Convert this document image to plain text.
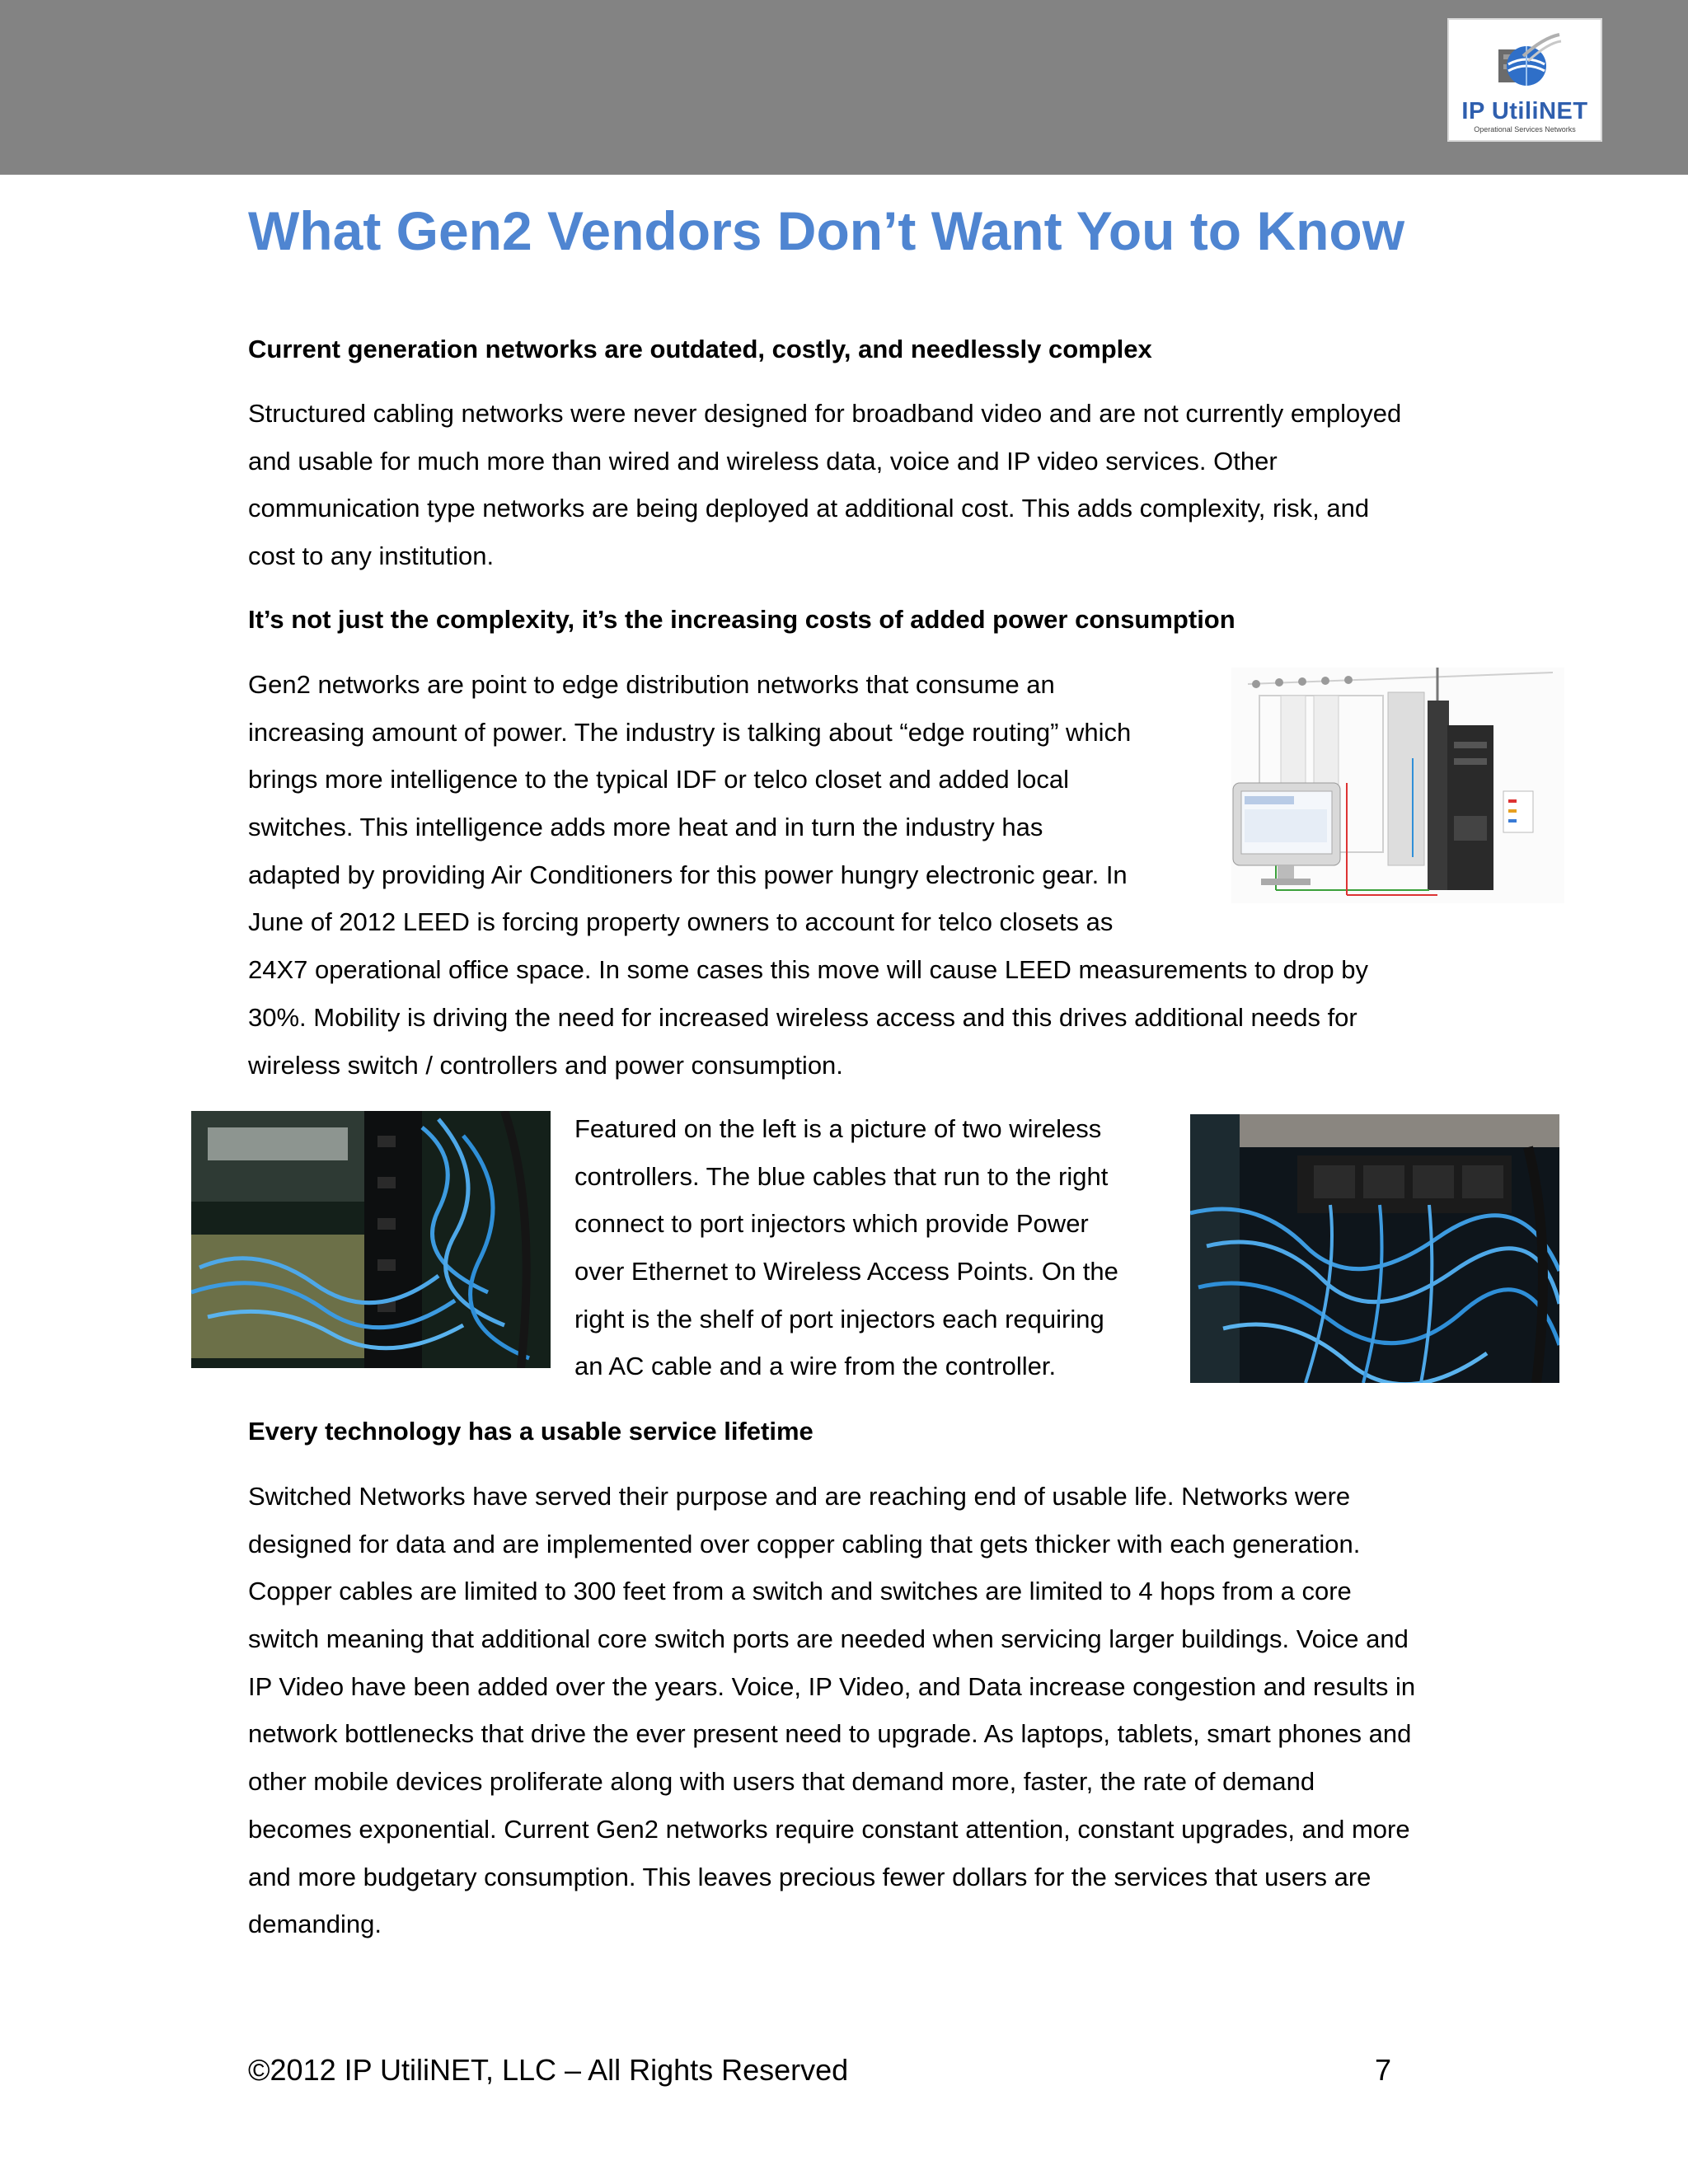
IP UtiliNET
Operational Services Networks
What Gen2 Vendors Don’t Want You to Know
Current generation networks are outdated, costly, and needlessly complex
Structured cabling networks were never designed for broadband video and are not currently employed
and usable for much more than wired and wireless data, voice and IP video services. Other
communication type networks are being deployed at additional cost. This adds complexity, risk, and
cost to any institution.
It’s not just the complexity, it’s the increasing costs of added power consumption
Gen2 networks are point to edge distribution networks that consume an
increasing amount of power. The industry is talking about “edge routing” which
brings more intelligence to the typical IDF or telco closet and added local
switches. This intelligence adds more heat and in turn the industry has
adapted by providing Air Conditioners for this power hungry electronic gear. In
June of 2012 LEED is forcing property owners to account for telco closets as
24X7 operational office space. In some cases this move will cause LEED measurements to drop by
30%. Mobility is driving the need for increased wireless access and this drives additional needs for
wireless switch / controllers and power consumption.
Featured on the left is a picture of two wireless
controllers. The blue cables that run to the right
connect to port injectors which provide Power
over Ethernet to Wireless Access Points. On the
right is the shelf of port injectors each requiring
an AC cable and a wire from the controller.
Every technology has a usable service lifetime
Switched Networks have served their purpose and are reaching end of usable life. Networks were
designed for data and are implemented over copper cabling that gets thicker with each generation.
Copper cables are limited to 300 feet from a switch and switches are limited to 4 hops from a core
switch meaning that additional core switch ports are needed when servicing larger buildings. Voice and
IP Video have been added over the years. Voice, IP Video, and Data increase congestion and results in
network bottlenecks that drive the ever present need to upgrade. As laptops, tablets, smart phones and
other mobile devices proliferate along with users that demand more, faster, the rate of demand
becomes exponential. Current Gen2 networks require constant attention, constant upgrades, and more
and more budgetary consumption. This leaves precious fewer dollars for the services that users are
demanding.

©2012 IP UtiliNET, LLC – All Rights Reserved	7
